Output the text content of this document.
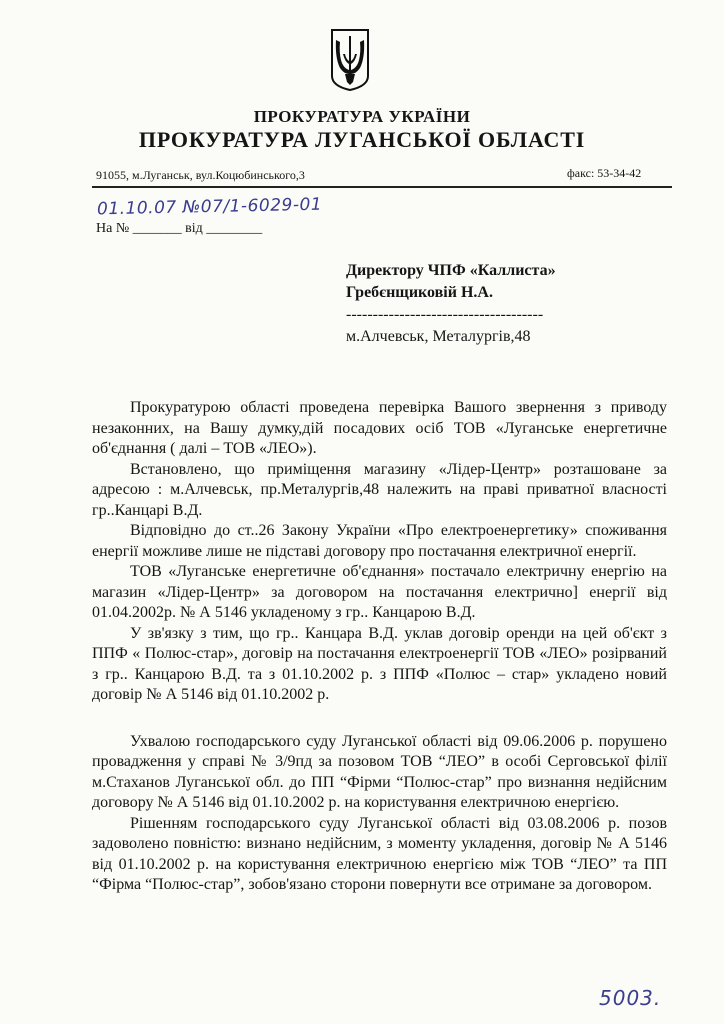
ПРОКУРАТУРА УКРАЇНИ
ПРОКУРАТУРА ЛУГАНСЬКОЇ ОБЛАСТІ
91055, м.Луганськ, вул.Коцюбинського,3	факс: 53-34-42
01.10.07 №07/1-6029-01
На № _______ від ________
Директору ЧПФ «Каллиста»
Гребєнщиковій Н.А.
-------------------------------------
м.Алчевськ, Металургів,48

Прокуратурою області проведена перевірка Вашого звернення з приводу незаконних, на Вашу думку,дій посадових осіб ТОВ «Луганське енергетичне об'єднання ( далі – ТОВ «ЛЕО»).

Встановлено, що приміщення магазину «Лідер-Центр» розташоване за адресою : м.Алчевськ, пр.Металургів,48 належить на праві приватної власності гр..Канцарі В.Д.

Відповідно до ст..26 Закону України «Про електроенергетику» споживання енергії можливе лише не підставі договору про постачання електричної енергії.

ТОВ «Луганське енергетичне об'єднання» постачало електричну енергію на магазин «Лідер-Центр» за договором на постачання електрично] енергії від 01.04.2002р. № А 5146 укладеному з гр.. Канцарою В.Д.

У зв'язку з тим, що гр.. Канцара В.Д. уклав договір оренди на цей об'єкт з ППФ « Полюс-стар», договір на постачання електроенергії ТОВ «ЛЕО» розірваний з гр.. Канцарою В.Д. та з 01.10.2002 р. з ППФ «Полюс – стар» укладено новий договір № А 5146 від 01.10.2002 р.

Ухвалою господарського суду Луганської області від 09.06.2006 р. порушено провадження у справі № 3/9пд за позовом ТОВ “ЛЕО” в особі Серговської філії м.Стаханов Луганської обл. до ПП “Фірми “Полюс-стар” про визнання недійсним договору № А 5146 від 01.10.2002 р. на користування електричною енергією.

Рішенням господарського суду Луганської області від 03.08.2006 р. позов задоволено повністю: визнано недійсним, з моменту укладення, договір № А 5146 від 01.10.2002 р. на користування електричною енергією між ТОВ “ЛЕО” та ПП “Фірма “Полюс-стар”, зобов'язано сторони повернути все отримане за договором.

5003.
